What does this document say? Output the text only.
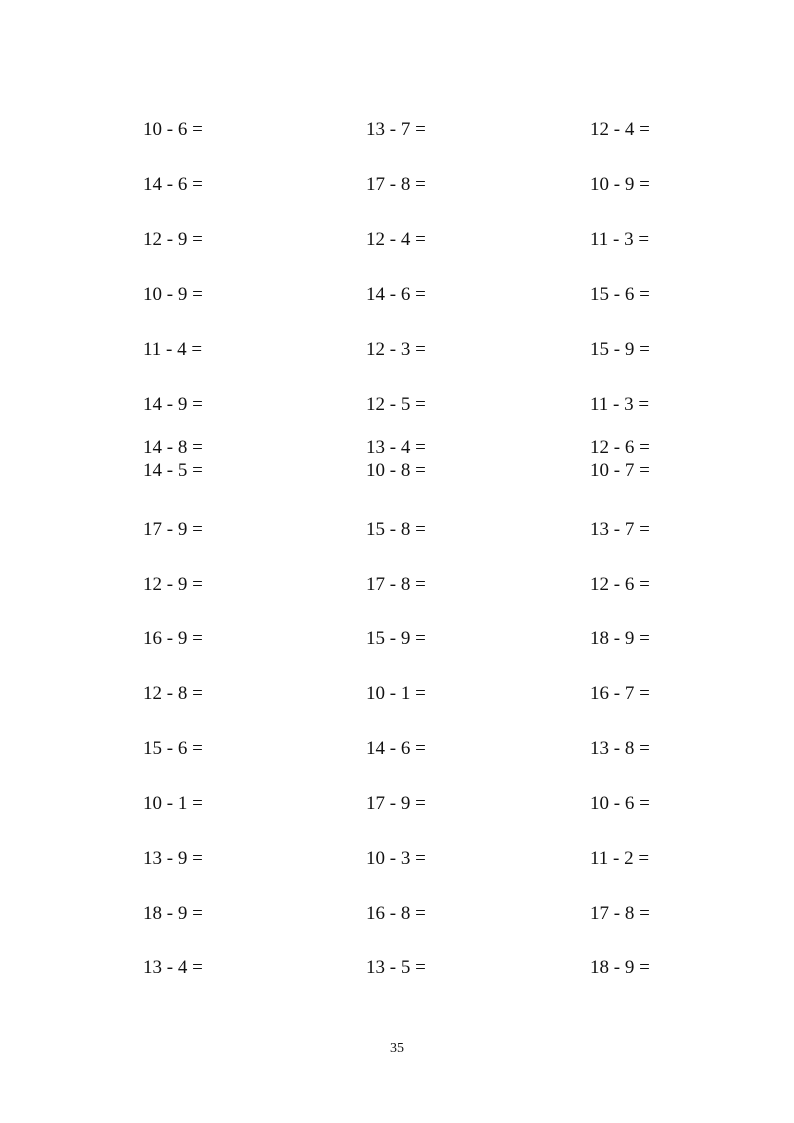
10 - 6 =	13 - 7 =	12 - 4 =
14 - 6 =	17 - 8 =	10 - 9 =
12 - 9 =	12 - 4 =	11 - 3 =
10 - 9 =	14 - 6 =	15 - 6 =
11 - 4 =	12 - 3 =	15 - 9 =
14 - 9 =	12 - 5 =	11 - 3 =
14 - 8 =	13 - 4 =	12 - 6 =
14 - 5 =	10 - 8 =	10 - 7 =
17 - 9 =	15 - 8 =	13 - 7 =
12 - 9 =	17 - 8 =	12 - 6 =
16 - 9 =	15 - 9 =	18 - 9 =
12 - 8 =	10 - 1 =	16 - 7 =
15 - 6 =	14 - 6 =	13 - 8 =
10 - 1 =	17 - 9 =	10 - 6 =
13 - 9 =	10 - 3 =	11 - 2 =
18 - 9 =	16 - 8 =	17 - 8 =
13 - 4 =	13 - 5 =	18 - 9 =
35
